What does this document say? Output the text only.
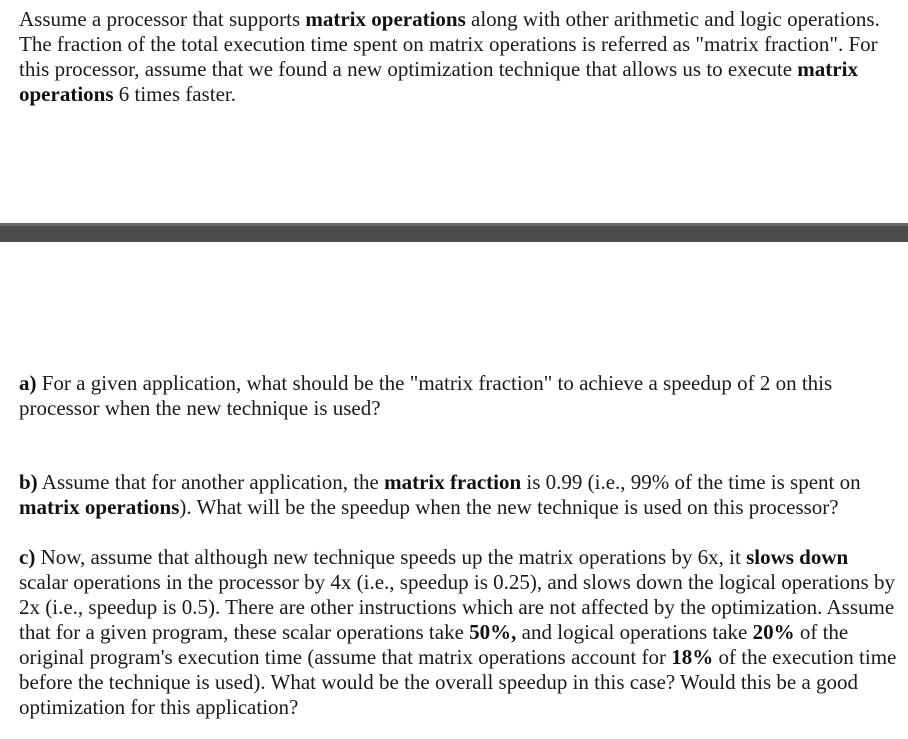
Assume a processor that supports matrix operations along with other arithmetic and logic operations. The fraction of the total execution time spent on matrix operations is referred as "matrix fraction". For this processor, assume that we found a new optimization technique that allows us to execute matrix operations 6 times faster.

a) For a given application, what should be the "matrix fraction" to achieve a speedup of 2 on this processor when the new technique is used?

b) Assume that for another application, the matrix fraction is 0.99 (i.e., 99% of the time is spent on matrix operations). What will be the speedup when the new technique is used on this processor?

c) Now, assume that although new technique speeds up the matrix operations by 6x, it slows down scalar operations in the processor by 4x (i.e., speedup is 0.25), and slows down the logical operations by 2x (i.e., speedup is 0.5). There are other instructions which are not affected by the optimization. Assume that for a given program, these scalar operations take 50%, and logical operations take 20% of the original program's execution time (assume that matrix operations account for 18% of the execution time before the technique is used). What would be the overall speedup in this case? Would this be a good optimization for this application?
